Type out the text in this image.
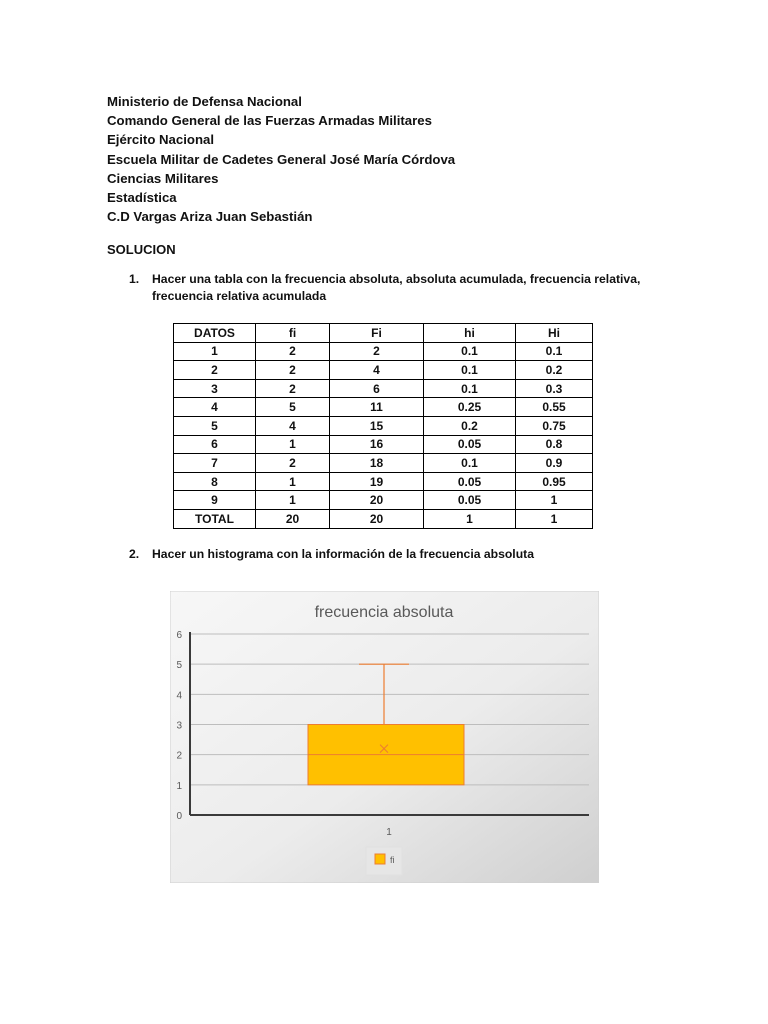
Ministerio de Defensa Nacional
Comando General de las Fuerzas Armadas Militares
Ejército Nacional
Escuela Militar de Cadetes General José María Córdova
Ciencias Militares
Estadística
C.D Vargas Ariza Juan Sebastián
SOLUCION
1. Hacer una tabla con la frecuencia absoluta, absoluta acumulada, frecuencia relativa, frecuencia relativa acumulada
DATOS	fi	Fi	hi	Hi
1	2	2	0.1	0.1
2	2	4	0.1	0.2
3	2	6	0.1	0.3
4	5	11	0.25	0.55
5	4	15	0.2	0.75
6	1	16	0.05	0.8
7	2	18	0.1	0.9
8	1	19	0.05	0.95
9	1	20	0.05	1
TOTAL	20	20	1	1
2. Hacer un histograma con la información de la frecuencia absoluta
frecuencia absoluta
0
1
2
3
4
5
6
1
fi
